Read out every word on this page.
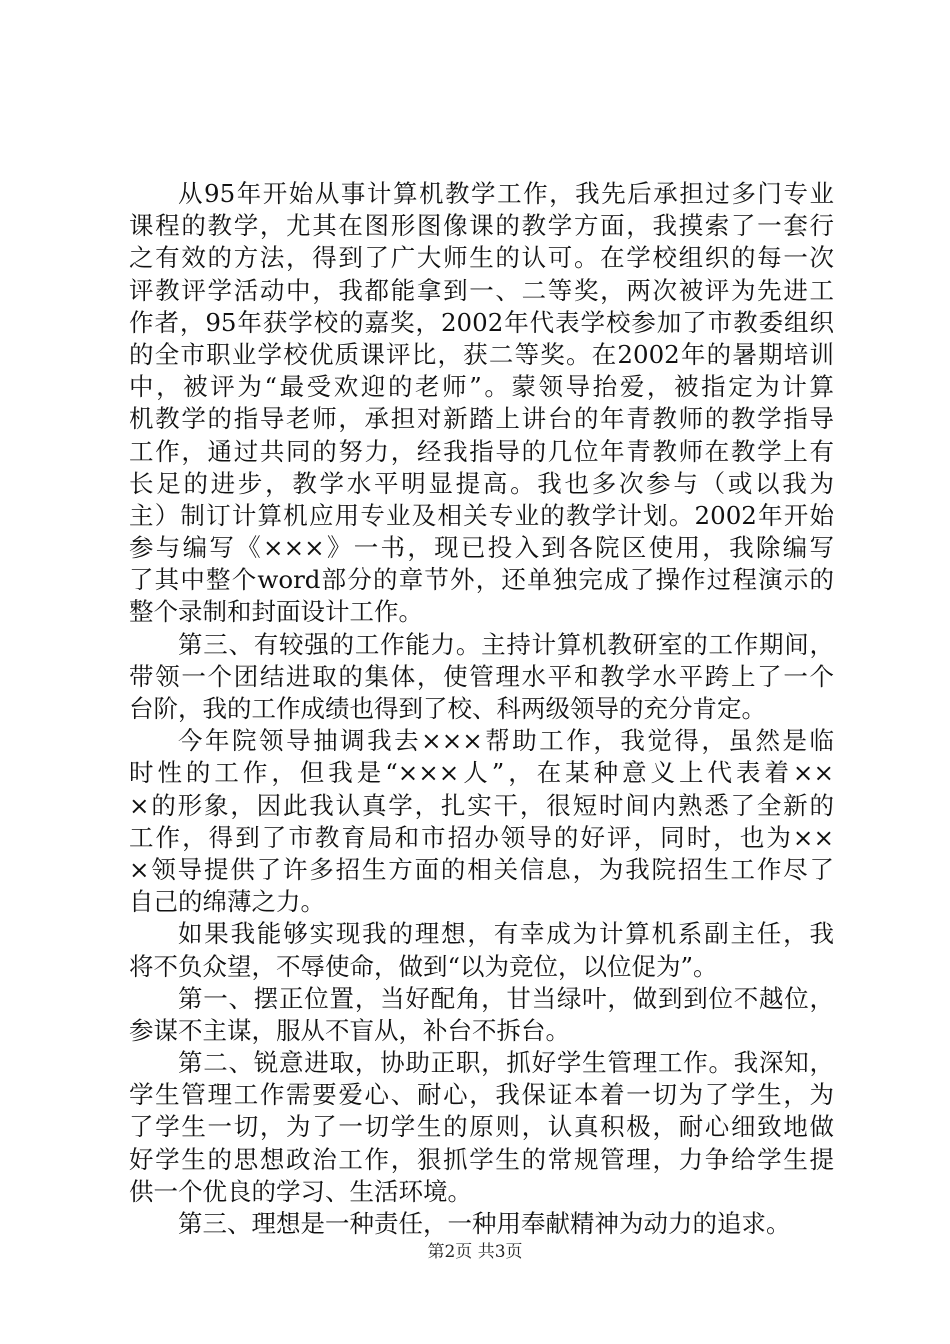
从95年开始从事计算机教学工作，我先后承担过多门专业
课程的教学，尤其在图形图像课的教学方面，我摸索了一套行
之有效的方法，得到了广大师生的认可。在学校组织的每一次
评教评学活动中，我都能拿到一、二等奖，两次被评为先进工
作者，95年获学校的嘉奖，2002年代表学校参加了市教委组织
的全市职业学校优质课评比，获二等奖。在2002年的暑期培训
中，被评为“最受欢迎的老师”。蒙领导抬爱，被指定为计算
机教学的指导老师，承担对新踏上讲台的年青教师的教学指导
工作，通过共同的努力，经我指导的几位年青教师在教学上有
长足的进步，教学水平明显提高。我也多次参与（或以我为
主）制订计算机应用专业及相关专业的教学计划。2002年开始
参与编写《×××》一书，现已投入到各院区使用，我除编写
了其中整个word部分的章节外，还单独完成了操作过程演示的
整个录制和封面设计工作。
第三、有较强的工作能力。主持计算机教研室的工作期间，
带领一个团结进取的集体，使管理水平和教学水平跨上了一个
台阶，我的工作成绩也得到了校、科两级领导的充分肯定。
今年院领导抽调我去×××帮助工作，我觉得，虽然是临
时性的工作，但我是“×××人”，在某种意义上代表着××
×的形象，因此我认真学，扎实干，很短时间内熟悉了全新的
工作，得到了市教育局和市招办领导的好评，同时，也为××
×领导提供了许多招生方面的相关信息，为我院招生工作尽了
自己的绵薄之力。
如果我能够实现我的理想，有幸成为计算机系副主任，我
将不负众望，不辱使命，做到“以为竞位，以位促为”。
第一、摆正位置，当好配角，甘当绿叶，做到到位不越位，
参谋不主谋，服从不盲从，补台不拆台。
第二、锐意进取，协助正职，抓好学生管理工作。我深知，
学生管理工作需要爱心、耐心，我保证本着一切为了学生，为
了学生一切，为了一切学生的原则，认真积极，耐心细致地做
好学生的思想政治工作，狠抓学生的常规管理，力争给学生提
供一个优良的学习、生活环境。
第三、理想是一种责任，一种用奉献精神为动力的追求。
第2页 共3页
